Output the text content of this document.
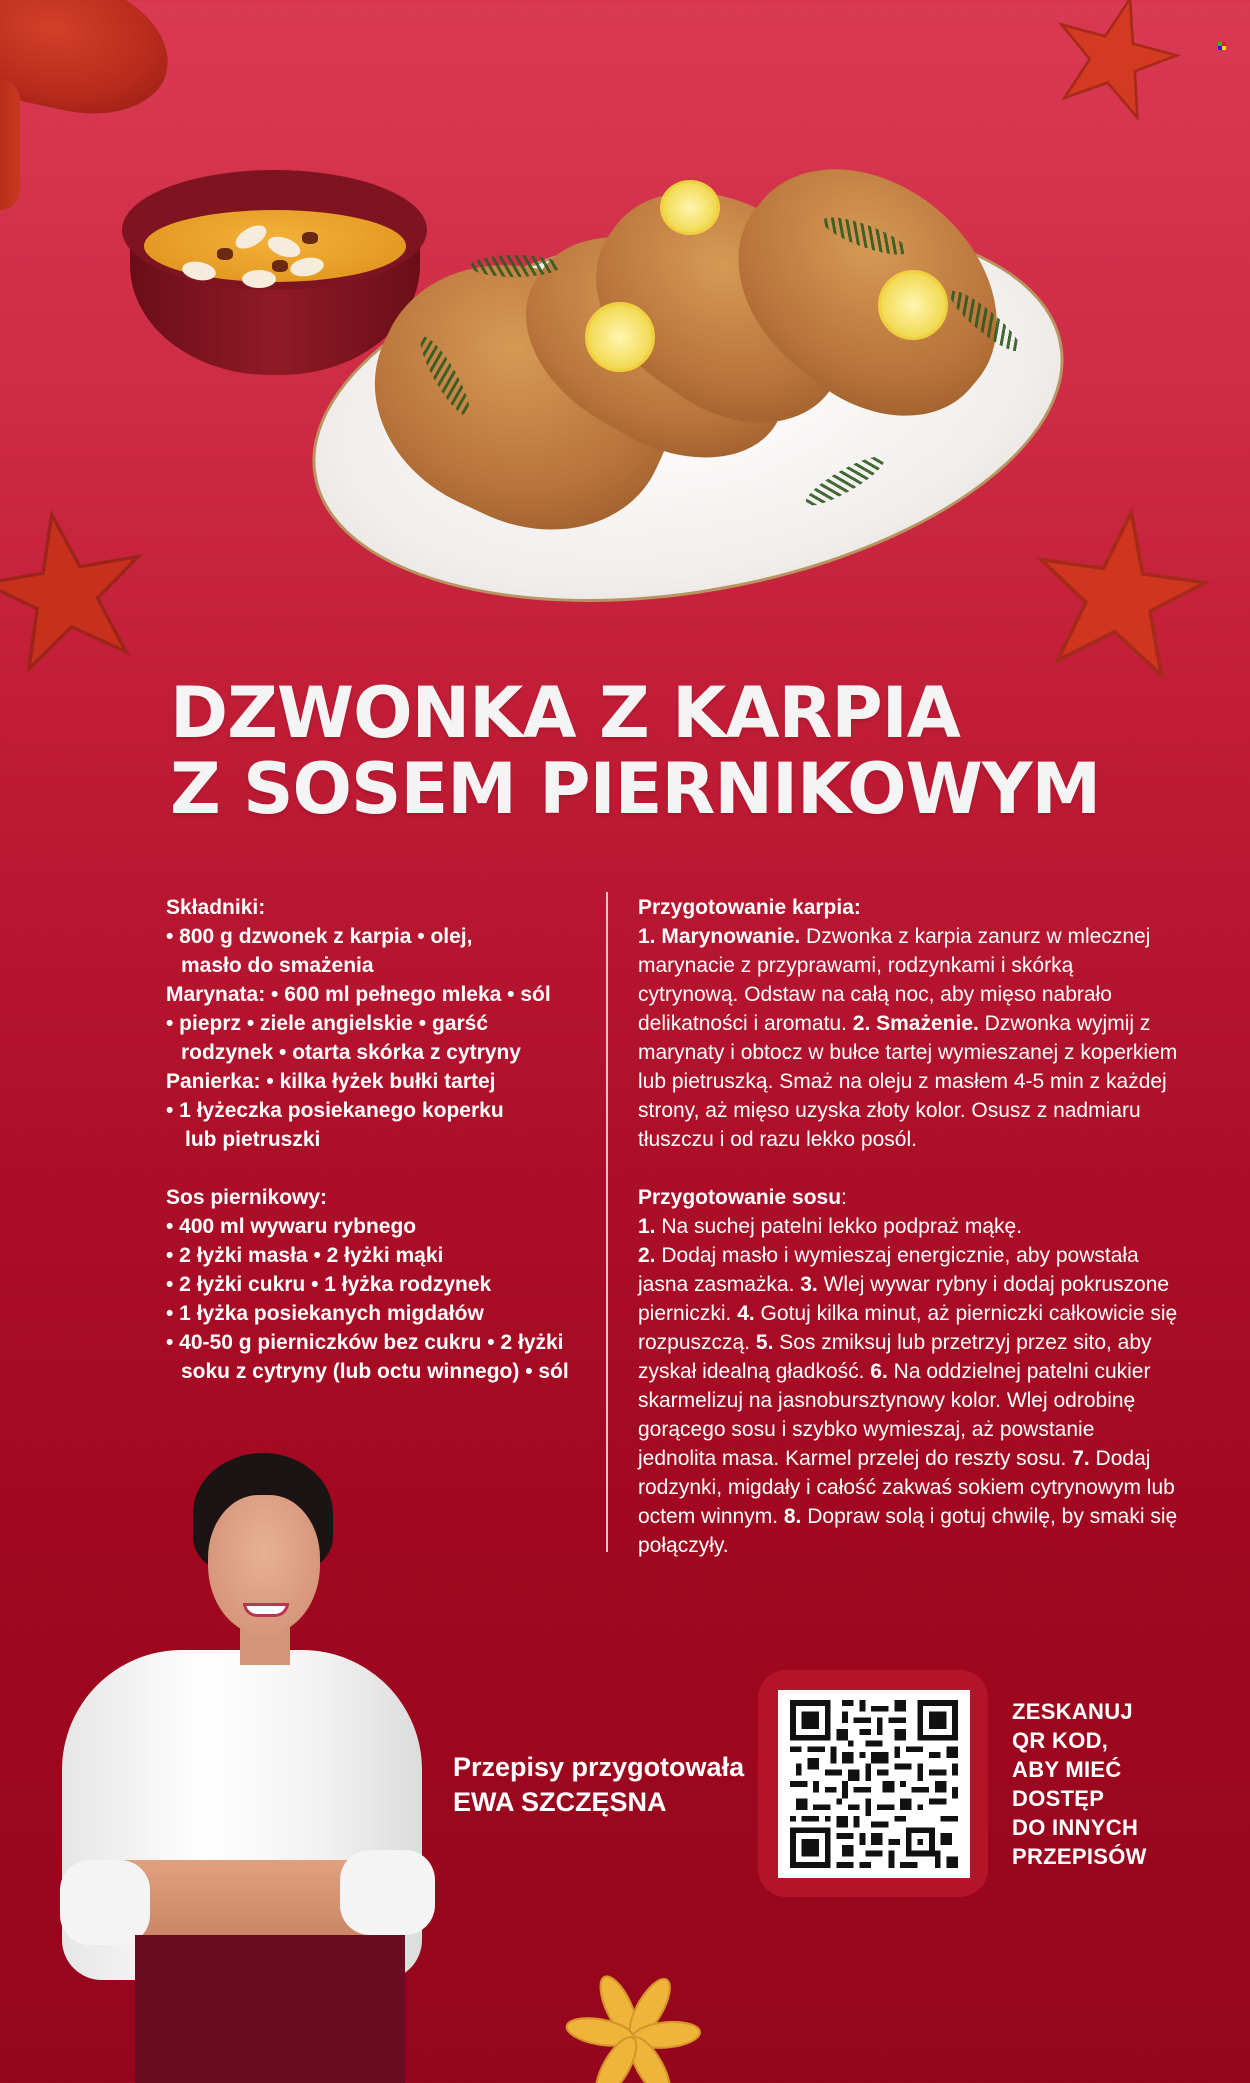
DZWONKA Z KARPIA
Z SOSEM PIERNIKOWYM

Składniki:

• 800 g dzwonek z karpia • olej,

masło do smażenia

Marynata: • 600 ml pełnego mleka • sól

• pieprz • ziele angielskie • garść

rodzynek • otarta skórka z cytryny

Panierka: • kilka łyżek bułki tartej

• 1 łyżeczka posiekanego koperku

lub pietruszki

Sos piernikowy:

• 400 ml wywaru rybnego

• 2 łyżki masła • 2 łyżki mąki

• 2 łyżki cukru • 1 łyżka rodzynek

• 1 łyżka posiekanych migdałów

• 40-50 g pierniczków bez cukru • 2 łyżki

soku z cytryny (lub octu winnego) • sól

Przygotowanie karpia:

1. Marynowanie. Dzwonka z karpia zanurz w mlecznej marynacie z przyprawami, rodzynkami i skórką cytrynową. Odstaw na całą noc, aby mięso nabrało delikatności i aromatu. 2. Smażenie. Dzwonka wyjmij z marynaty i obtocz w bułce tartej wymieszanej z koperkiem lub pietruszką. Smaż na oleju z masłem 4-5 min z każdej strony, aż mięso uzyska złoty kolor. Osusz z nadmiaru tłuszczu i od razu lekko posól.

Przygotowanie sosu:

1. Na suchej patelni lekko podpraż mąkę.

2. Dodaj masło i wymieszaj energicznie, aby powstała jasna zasmażka. 3. Wlej wywar rybny i dodaj pokruszone pierniczki. 4. Gotuj kilka minut, aż pierniczki całkowicie się rozpuszczą. 5. Sos zmiksuj lub przetrzyj przez sito, aby zyskał idealną gładkość. 6. Na oddzielnej patelni cukier skarmelizuj na jasnobursztynowy kolor. Wlej odrobinę gorącego sosu i szybko wymieszaj, aż powstanie jednolita masa. Karmel przelej do reszty sosu. 7. Dodaj rodzynki, migdały i całość zakwaś sokiem cytrynowym lub octem winnym. 8. Dopraw solą i gotuj chwilę, by smaki się połączyły.

Przepisy przygotowała
EWA SZCZĘSNA
ZESKANUJ
QR KOD,
ABY MIEĆ
DOSTĘP
DO INNYCH
PRZEPISÓW
